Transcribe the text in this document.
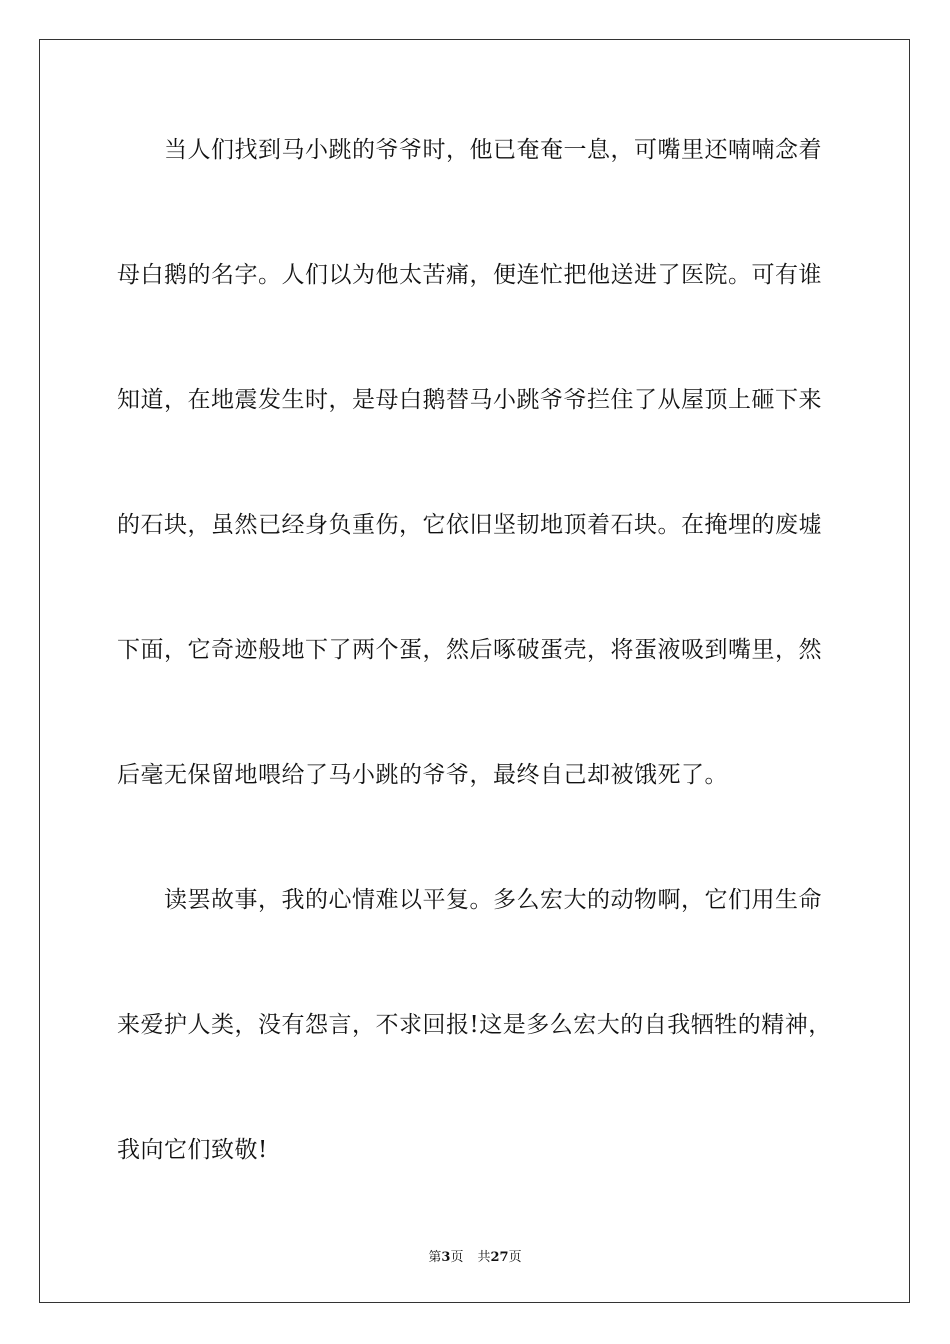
当人们找到马小跳的爷爷时，他已奄奄一息，可嘴里还喃喃念着
母白鹅的名字。人们以为他太苦痛，便连忙把他送进了医院。可有谁
知道，在地震发生时，是母白鹅替马小跳爷爷拦住了从屋顶上砸下来
的石块，虽然已经身负重伤，它依旧坚韧地顶着石块。在掩埋的废墟
下面，它奇迹般地下了两个蛋，然后啄破蛋壳，将蛋液吸到嘴里，然
后毫无保留地喂给了马小跳的爷爷，最终自己却被饿死了。
读罢故事，我的心情难以平复。多么宏大的动物啊，它们用生命
来爱护人类，没有怨言，不求回报!这是多么宏大的自我牺牲的精神，
我向它们致敬!
第3页 共27页
